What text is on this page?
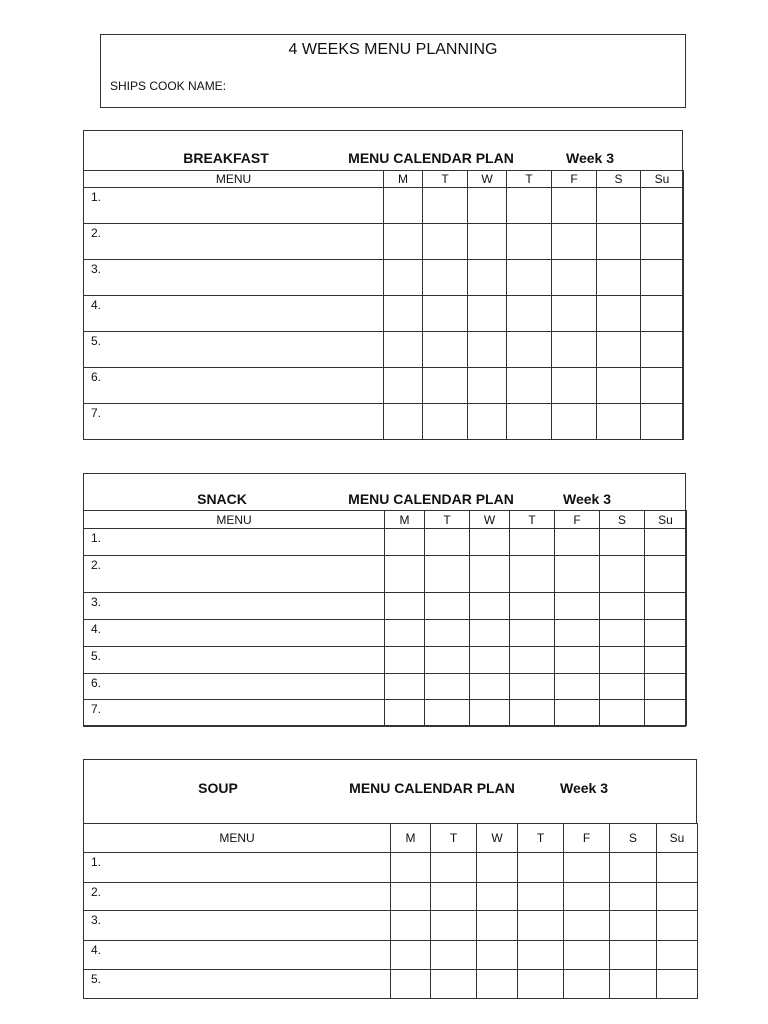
4 WEEKS MENU PLANNING
SHIPS COOK NAME:
BREAKFAST	MENU CALENDAR PLAN	Week 3
MENU	M	T	W	T	F	S	Su
1.							
2.							
3.							
4.							
5.							
6.							
7.							
SNACK	MENU CALENDAR PLAN	Week 3
MENU	M	T	W	T	F	S	Su
1.							
2.							
3.							
4.							
5.							
6.							
7.							
SOUP	MENU CALENDAR PLAN	Week 3
MENU	M	T	W	T	F	S	Su
1.							
2.							
3.							
4.							
5.							
